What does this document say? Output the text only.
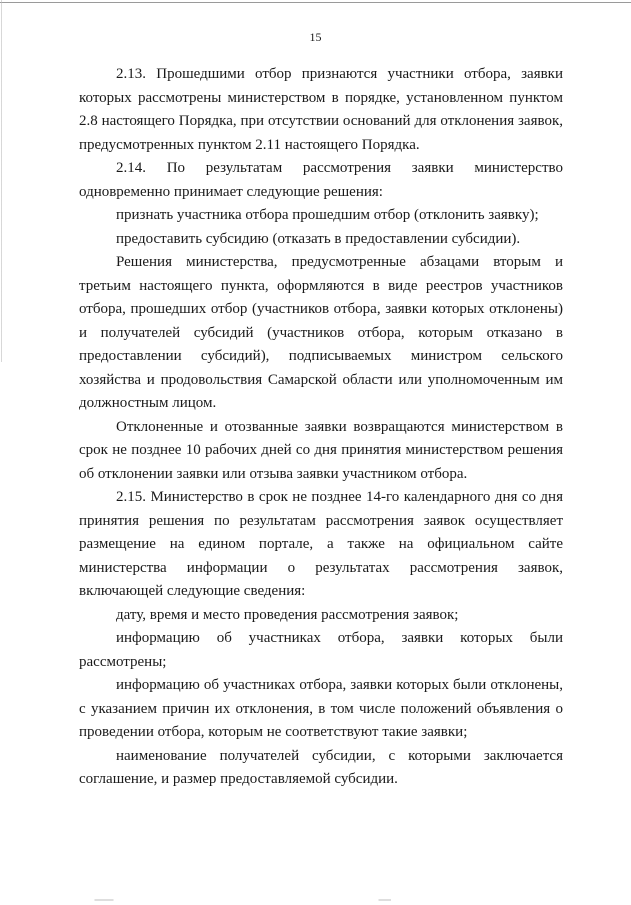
15

2.13. Прошедшими отбор признаются участники отбора, заявки которых рассмотрены министерством в порядке, установленном пунктом 2.8 настоящего Порядка, при отсутствии оснований для отклонения заявок, предусмотренных пунктом 2.11 настоящего Порядка.

2.14. По результатам рассмотрения заявки министерство одновременно принимает следующие решения:

признать участника отбора прошедшим отбор (отклонить заявку);

предоставить субсидию (отказать в предоставлении субсидии).

Решения министерства, предусмотренные абзацами вторым и третьим настоящего пункта, оформляются в виде реестров участников отбора, прошедших отбор (участников отбора, заявки которых отклонены) и получателей субсидий (участников отбора, которым отказано в предоставлении субсидий), подписываемых министром сельского хозяйства и продовольствия Самарской области или уполномоченным им должностным лицом.

Отклоненные и отозванные заявки возвращаются министерством в срок не позднее 10 рабочих дней со дня принятия министерством решения об отклонении заявки или отзыва заявки участником отбора.

2.15. Министерство в срок не позднее 14-го календарного дня со дня принятия решения по результатам рассмотрения заявок осуществляет размещение на едином портале, а также на официальном сайте министерства информации о результатах рассмотрения заявок, включающей следующие сведения:

дату, время и место проведения рассмотрения заявок;

информацию об участниках отбора, заявки которых были рассмотрены;

информацию об участниках отбора, заявки которых были отклонены, с указанием причин их отклонения, в том числе положений объявления о проведении отбора, которым не соответствуют такие заявки;

наименование получателей субсидии, с которыми заключается соглашение, и размер предоставляемой субсидии.
